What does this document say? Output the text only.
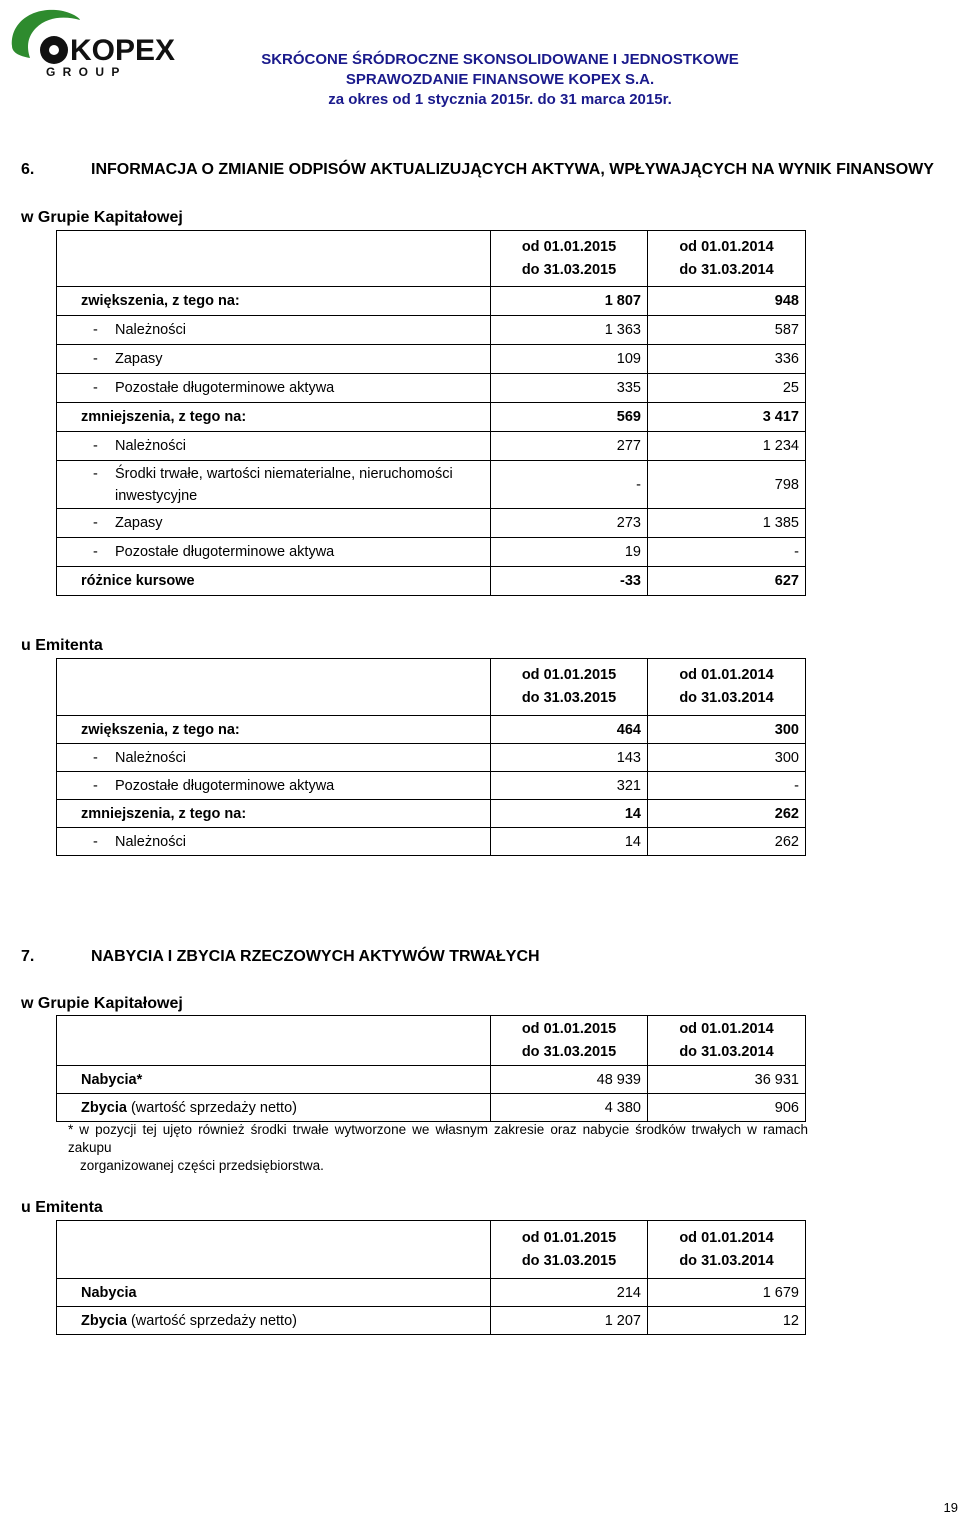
KOPEX
G R O U P
SKRÓCONE ŚRÓDROCZNE SKONSOLIDOWANE I JEDNOSTKOWE
SPRAWOZDANIE FINANSOWE KOPEX S.A.
za okres od 1 stycznia 2015r. do 31 marca 2015r.
6.	INFORMACJA O ZMIANIE ODPISÓW AKTUALIZUJĄCYCH AKTYWA, WPŁYWAJĄCYCH NA WYNIK FINANSOWY
w Grupie Kapitałowej
	od 01.01.2015
do 31.03.2015	od 01.01.2014
do 31.03.2014
zwiększenia, z tego na:	1 807	948

- Należności	1 363	587

- Zapasy	109	336

- Pozostałe długoterminowe aktywa	335	25
zmniejszenia, z tego na:	569	3 417

- Należności	277	1 234

- Środki trwałe, wartości niematerialne, nieruchomości
inwestycyjne	-	798

- Zapasy	273	1 385

- Pozostałe długoterminowe aktywa	19	-
różnice kursowe	-33	627
u Emitenta
	od 01.01.2015
do 31.03.2015	od 01.01.2014
do 31.03.2014
zwiększenia, z tego na:	464	300

- Należności	143	300

- Pozostałe długoterminowe aktywa	321	-
zmniejszenia, z tego na:	14	262

- Należności	14	262
7.	NABYCIA I ZBYCIA RZECZOWYCH AKTYWÓW TRWAŁYCH
w Grupie Kapitałowej
	od 01.01.2015
do 31.03.2015	od 01.01.2014
do 31.03.2014
Nabycia*	48 939	36 931
Zbycia (wartość sprzedaży netto)	4 380	906
* w pozycji tej ujęto również środki trwałe wytworzone we własnym zakresie oraz nabycie środków trwałych w ramach zakupu
zorganizowanej części przedsiębiorstwa.
u Emitenta
	od 01.01.2015
do 31.03.2015	od 01.01.2014
do 31.03.2014
Nabycia	214	1 679
Zbycia (wartość sprzedaży netto)	1 207	12
19
